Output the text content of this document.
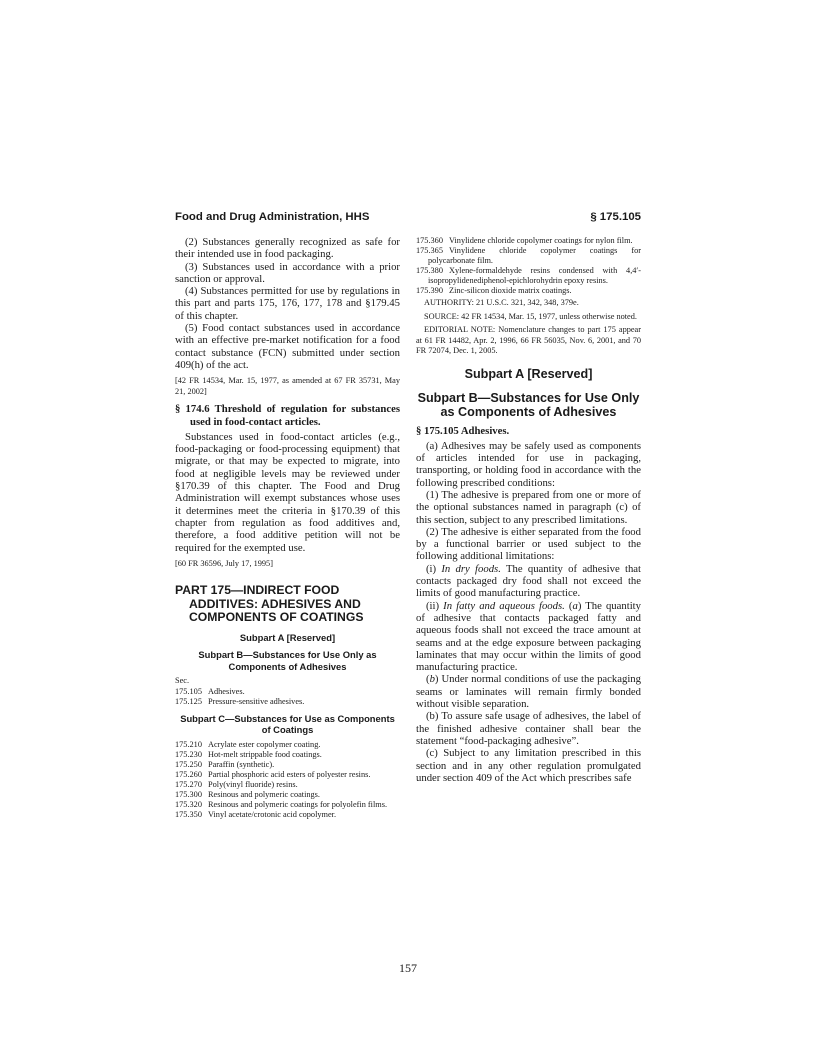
Food and Drug Administration, HHS	§ 175.105

(2) Substances generally recognized as safe for their intended use in food packaging.

(3) Substances used in accordance with a prior sanction or approval.

(4) Substances permitted for use by regulations in this part and parts 175, 176, 177, 178 and §179.45 of this chapter.

(5) Food contact substances used in accordance with an effective pre-market notification for a food contact substance (FCN) submitted under section 409(h) of the act.

[42 FR 14534, Mar. 15, 1977, as amended at 67 FR 35731, May 21, 2002]

§ 174.6 Threshold of regulation for substances used in food-contact articles.

Substances used in food-contact articles (e.g., food-packaging or food-processing equipment) that migrate, or that may be expected to migrate, into food at negligible levels may be reviewed under §170.39 of this chapter. The Food and Drug Administration will exempt substances whose uses it determines meet the criteria in §170.39 of this chapter from regulation as food additives and, therefore, a food additive petition will not be required for the exempted use.

[60 FR 36596, July 17, 1995]

PART 175—INDIRECT FOOD ADDITIVES: ADHESIVES AND COMPONENTS OF COATINGS
Subpart A [Reserved]
Subpart B—Substances for Use Only as Components of Adhesives
Sec.
175.105 Adhesives.
175.125 Pressure-sensitive adhesives.
Subpart C—Substances for Use as Components of Coatings
175.210 Acrylate ester copolymer coating.
175.230 Hot-melt strippable food coatings.
175.250 Paraffin (synthetic).
175.260 Partial phosphoric acid esters of polyester resins.
175.270 Poly(vinyl fluoride) resins.
175.300 Resinous and polymeric coatings.
175.320 Resinous and polymeric coatings for polyolefin films.
175.350 Vinyl acetate/crotonic acid copolymer.
175.360 Vinylidene chloride copolymer coatings for nylon film.
175.365 Vinylidene chloride copolymer coatings for polycarbonate film.
175.380 Xylene-formaldehyde resins condensed with 4,4′-isopropylidenediphenol-epichlorohydrin epoxy resins.
175.390 Zinc-silicon dioxide matrix coatings.

AUTHORITY: 21 U.S.C. 321, 342, 348, 379e.

SOURCE: 42 FR 14534, Mar. 15, 1977, unless otherwise noted.

EDITORIAL NOTE: Nomenclature changes to part 175 appear at 61 FR 14482, Apr. 2, 1996, 66 FR 56035, Nov. 6, 2001, and 70 FR 72074, Dec. 1, 2005.

Subpart A [Reserved]
Subpart B—Substances for Use Only as Components of Adhesives

§ 175.105 Adhesives.

(a) Adhesives may be safely used as components of articles intended for use in packaging, transporting, or holding food in accordance with the following prescribed conditions:

(1) The adhesive is prepared from one or more of the optional substances named in paragraph (c) of this section, subject to any prescribed limitations.

(2) The adhesive is either separated from the food by a functional barrier or used subject to the following additional limitations:

(i) In dry foods. The quantity of adhesive that contacts packaged dry food shall not exceed the limits of good manufacturing practice.

(ii) In fatty and aqueous foods. (a) The quantity of adhesive that contacts packaged fatty and aqueous foods shall not exceed the trace amount at seams and at the edge exposure between packaging laminates that may occur within the limits of good manufacturing practice.

(b) Under normal conditions of use the packaging seams or laminates will remain firmly bonded without visible separation.

(b) To assure safe usage of adhesives, the label of the finished adhesive container shall bear the statement “food-packaging adhesive”.

(c) Subject to any limitation prescribed in this section and in any other regulation promulgated under section 409 of the Act which prescribes safe

157
